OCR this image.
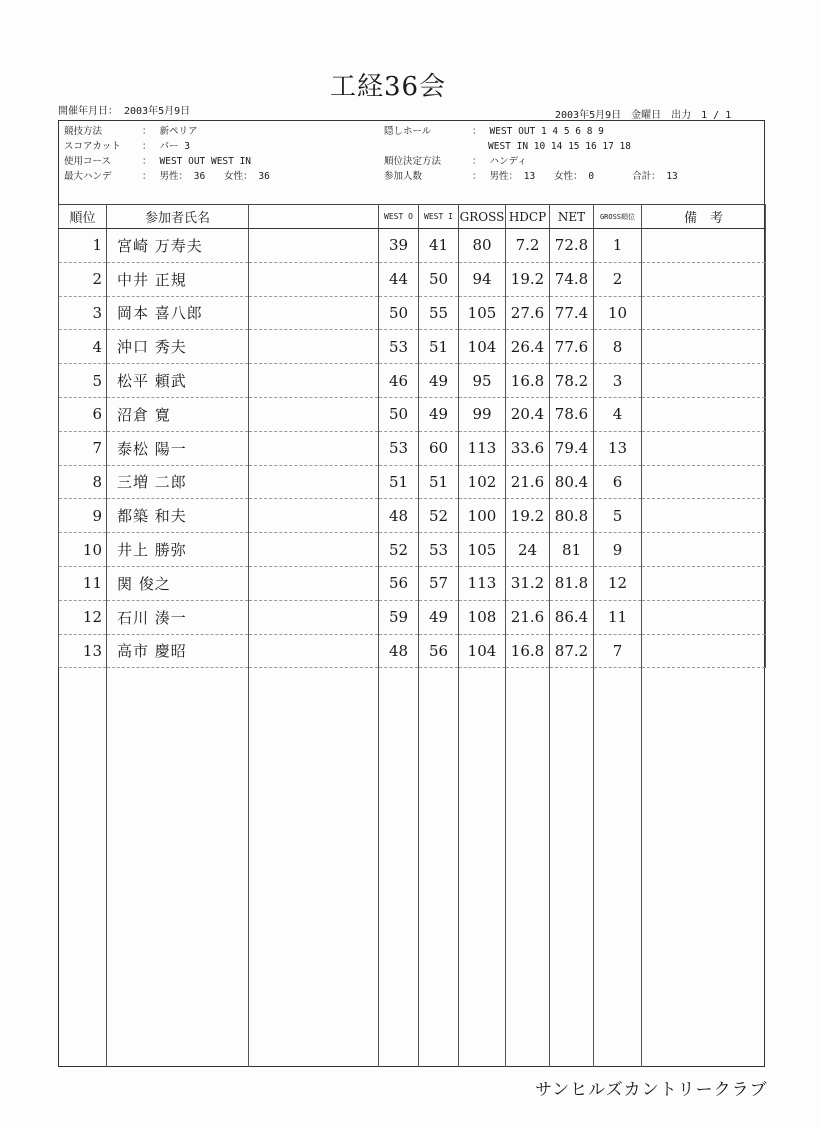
工経36会
開催年月日： 2003年5月9日	2003年5月9日 金曜日 出力 1 / 1
競技方法	： 新ペリア
スコアカット ： パー 3
使用コース	： WEST OUT WEST IN
最大ハンデ	： 男性： 36　　女性： 36
隠しホール	： WEST OUT 1 4 5 6 8 9
WEST IN 10 14 15 16 17 18
順位決定方法	： ハンディ
参加人数	： 男性： 13　　女性： 0　　　　合計： 13
順位	参加者氏名		WEST O	WEST I	GROSS	HDCP	NET	GROSS順位	備　考
1	宮崎 万寿夫		39	41	80	7.2	72.8	1	
2	中井 正規		44	50	94	19.2	74.8	2	
3	岡本 喜八郎		50	55	105	27.6	77.4	10	
4	沖口 秀夫		53	51	104	26.4	77.6	8	
5	松平 頼武		46	49	95	16.8	78.2	3	
6	沼倉 寛		50	49	99	20.4	78.6	4	
7	泰松 陽一		53	60	113	33.6	79.4	13	
8	三増 二郎		51	51	102	21.6	80.4	6	
9	都築 和夫		48	52	100	19.2	80.8	5	
10	井上 勝弥		52	53	105	24	81	9	
11	関 俊之		56	57	113	31.2	81.8	12	
12	石川 湊一		59	49	108	21.6	86.4	11	
13	高市 慶昭		48	56	104	16.8	87.2	7	
サンヒルズカントリークラブ
